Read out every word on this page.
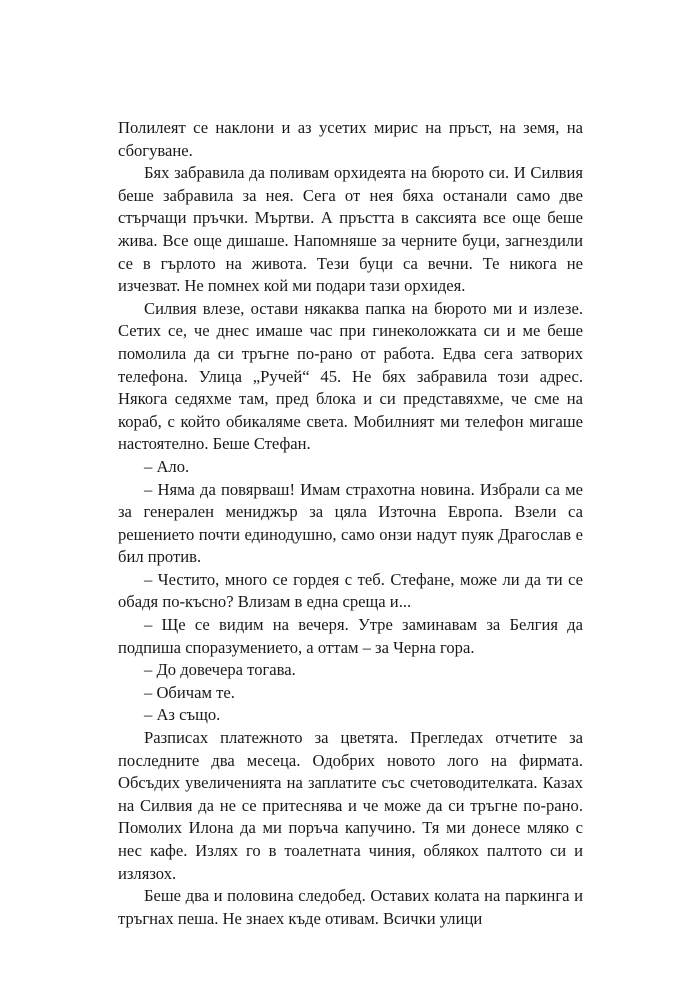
Полилеят се наклони и аз усетих мирис на пръст, на земя, на сбогуване.

Бях забравила да поливам орхидеята на бюрото си. И Силвия беше забравила за нея. Сега от нея бяха останали само две стърчащи пръчки. Мъртви. А пръстта в саксията все още беше жива. Все още дишаше. Напомняше за черните буци, загнездили се в гърлото на живота. Тези буци са вечни. Те никога не изчезват. Не помнех кой ми подари тази орхидея.

Силвия влезе, остави някаква папка на бюрото ми и излезе. Сетих се, че днес имаше час при гинеколожката си и ме беше помолила да си тръгне по-рано от работа. Едва сега затворих телефона. Улица „Ручей“ 45. Не бях забравила този адрес. Някога седяхме там, пред блока и си представяхме, че сме на кораб, с който обикаляме света. Мобилният ми телефон мигаше настоятелно. Беше Стефан.

– Ало.

– Няма да повярваш! Имам страхотна новина. Избрали са ме за генерален мениджър за цяла Източна Европа. Взели са решението почти единодушно, само онзи надут пуяк Драгослав е бил против.

– Честито, много се гордея с теб. Стефане, може ли да ти се обадя по-късно? Влизам в една среща и...

– Ще се видим на вечеря. Утре заминавам за Белгия да подпиша споразумението, а оттам – за Черна гора.

– До довечера тогава.

– Обичам те.

– Аз също.

Разписах платежното за цветята. Прегледах отчетите за последните два месеца. Одобрих новото лого на фирмата. Обсъдих увеличенията на заплатите със счетоводителката. Казах на Силвия да не се притеснява и че може да си тръгне по-рано. Помолих Илона да ми поръча капучино. Тя ми донесе мляко с нес кафе. Излях го в тоалетната чиния, облякох палтото си и излязох.

Беше два и половина следобед. Оставих колата на паркинга и тръгнах пеша. Не знаех къде отивам. Всички улици
